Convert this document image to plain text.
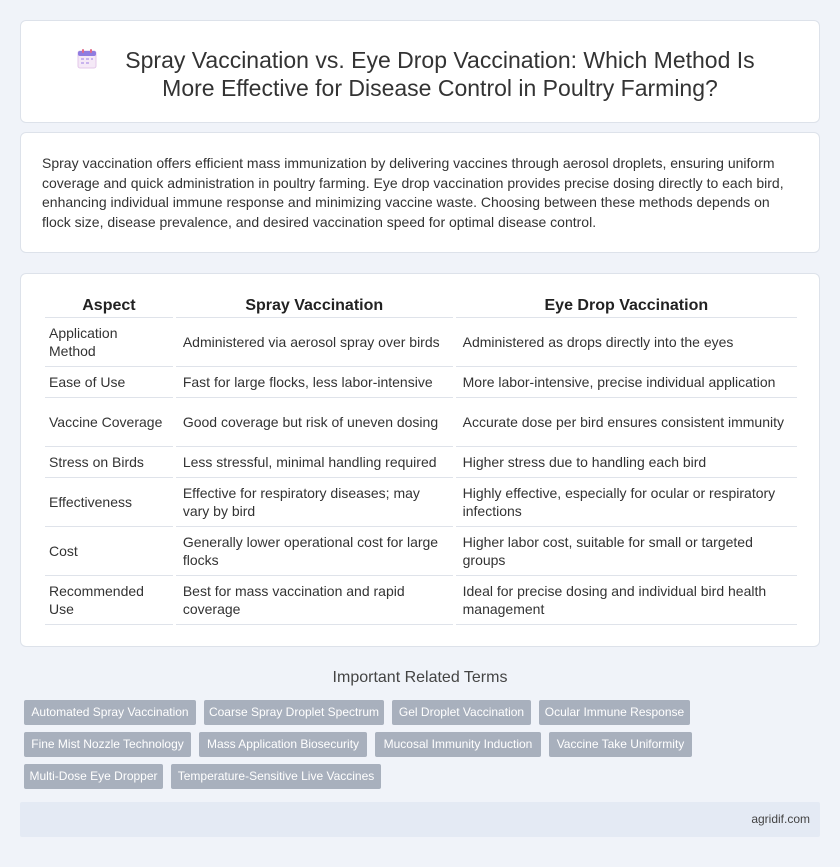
Spray Vaccination vs. Eye Drop Vaccination: Which Method Is More Effective for Disease Control in Poultry Farming?

Spray vaccination offers efficient mass immunization by delivering vaccines through aerosol droplets, ensuring uniform coverage and quick administration in poultry farming. Eye drop vaccination provides precise dosing directly to each bird, enhancing individual immune response and minimizing vaccine waste. Choosing between these methods depends on flock size, disease prevalence, and desired vaccination speed for optimal disease control.

Aspect	Spray Vaccination	Eye Drop Vaccination
Application Method	Administered via aerosol spray over birds	Administered as drops directly into the eyes
Ease of Use	Fast for large flocks, less labor-intensive	More labor-intensive, precise individual application
Vaccine Coverage	Good coverage but risk of uneven dosing	Accurate dose per bird ensures consistent immunity
Stress on Birds	Less stressful, minimal handling required	Higher stress due to handling each bird
Effectiveness	Effective for respiratory diseases; may vary by bird	Highly effective, especially for ocular or respiratory infections
Cost	Generally lower operational cost for large flocks	Higher labor cost, suitable for small or targeted groups
Recommended Use	Best for mass vaccination and rapid coverage	Ideal for precise dosing and individual bird health management
Important Related Terms
Automated Spray Vaccination	Coarse Spray Droplet Spectrum	Gel Droplet Vaccination	Ocular Immune Response
Fine Mist Nozzle Technology	Mass Application Biosecurity	Mucosal Immunity Induction	Vaccine Take Uniformity
Multi-Dose Eye Dropper	Temperature-Sensitive Live Vaccines
agridif.com
